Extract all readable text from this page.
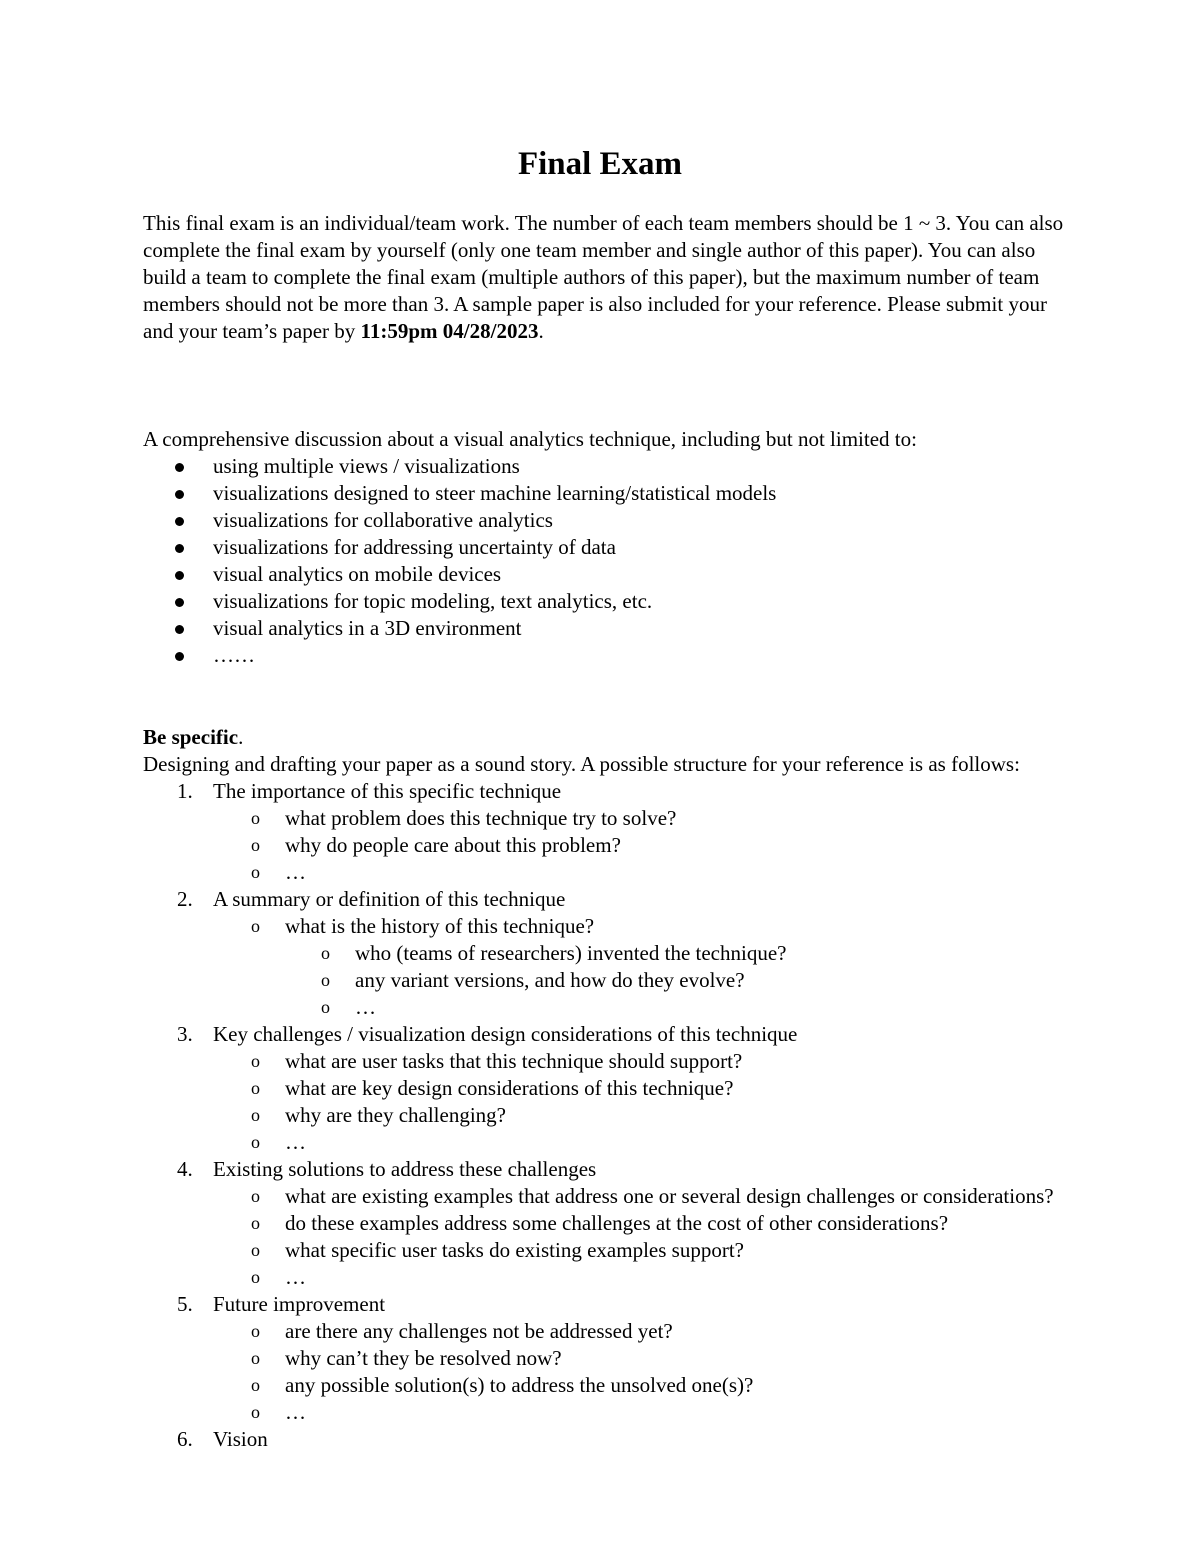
Final Exam

This final exam is an individual/team work. The number of each team members should be 1 ~ 3. You can also complete the final exam by yourself (only one team member and single author of this paper). You can also build a team to complete the final exam (multiple authors of this paper), but the maximum number of team members should not be more than 3. A sample paper is also included for your reference. Please submit your and your team’s paper by 11:59pm 04/28/2023.

A comprehensive discussion about a visual analytics technique, including but not limited to:

using multiple views / visualizations
visualizations designed to steer machine learning/statistical models
visualizations for collaborative analytics
visualizations for addressing uncertainty of data
visual analytics on mobile devices
visualizations for topic modeling, text analytics, etc.
visual analytics in a 3D environment
……

Be specific.

Designing and drafting your paper as a sound story. A possible structure for your reference is as follows:

1. The importance of this specific technique
o what problem does this technique try to solve?
o why do people care about this problem?
o …
2. A summary or definition of this technique
o what is the history of this technique?
o who (teams of researchers) invented the technique?
o any variant versions, and how do they evolve?
o …
3. Key challenges / visualization design considerations of this technique
o what are user tasks that this technique should support?
o what are key design considerations of this technique?
o why are they challenging?
o …
4. Existing solutions to address these challenges
o what are existing examples that address one or several design challenges or considerations?
o do these examples address some challenges at the cost of other considerations?
o what specific user tasks do existing examples support?
o …
5. Future improvement
o are there any challenges not be addressed yet?
o why can’t they be resolved now?
o any possible solution(s) to address the unsolved one(s)?
o …
6. Vision
